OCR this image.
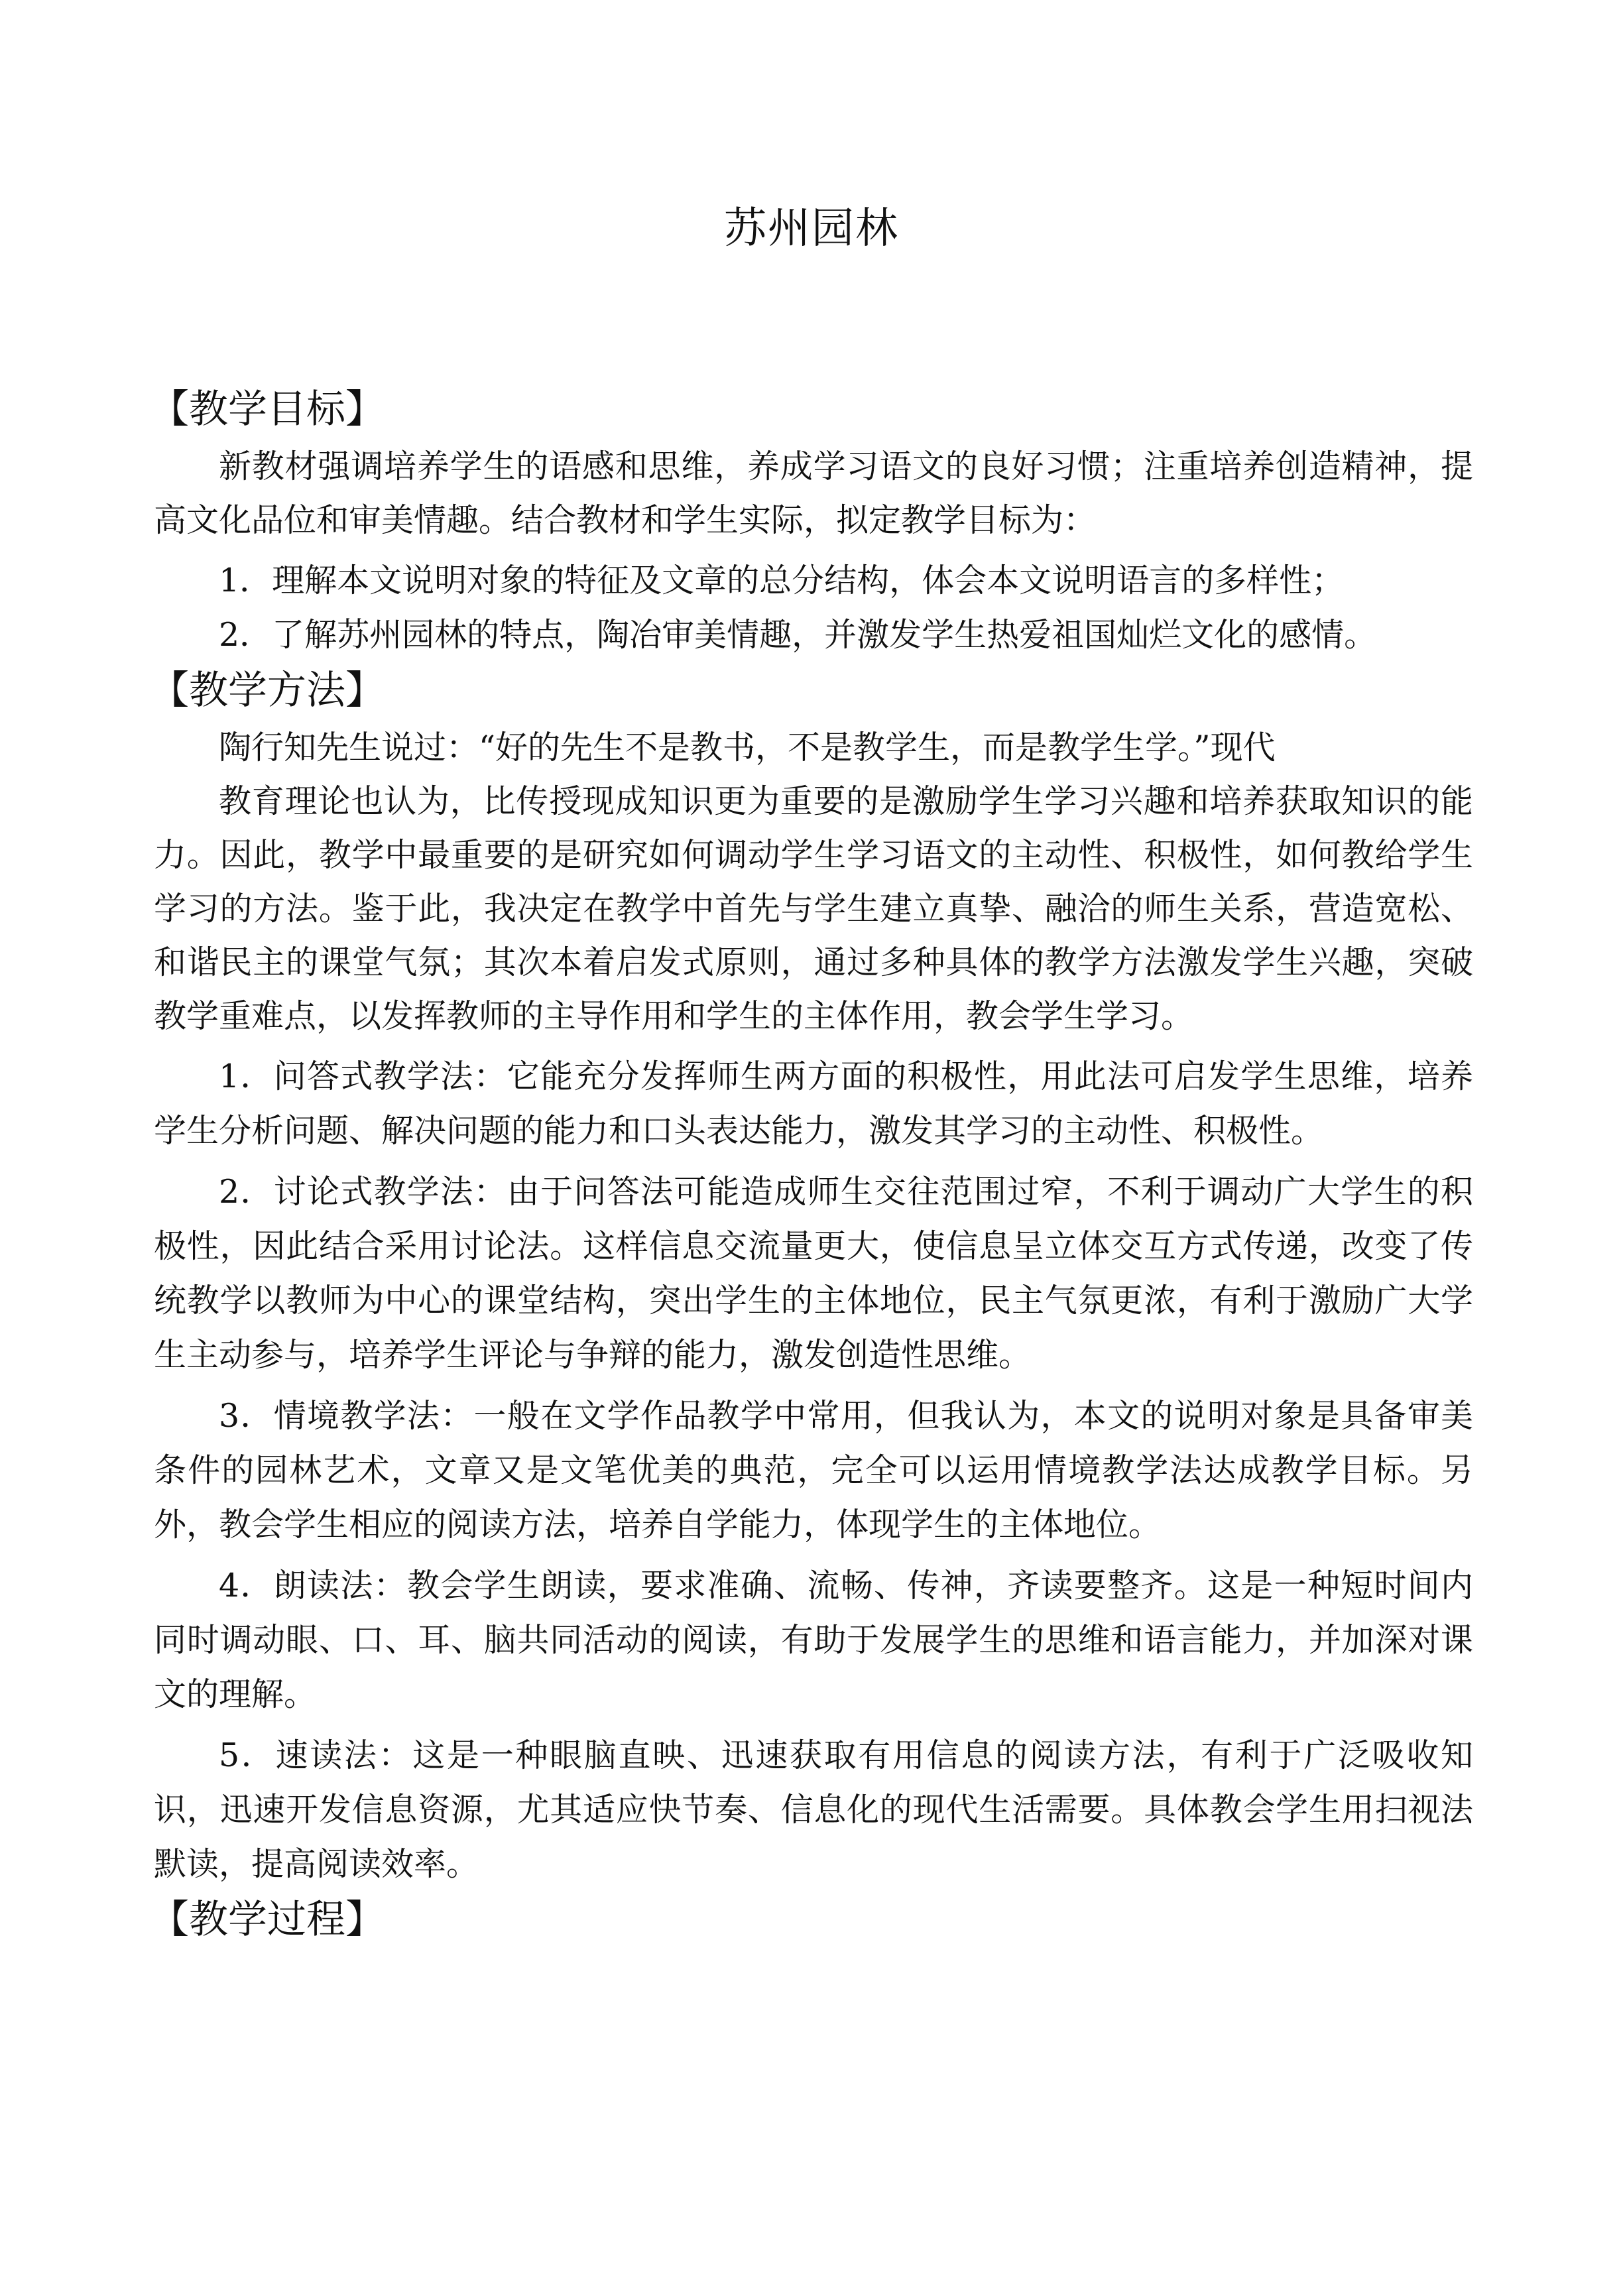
苏州园林
【教学目标】

新教材强调培养学生的语感和思维，养成学习语文的良好习惯；注重培养创造精神，提高文化品位和审美情趣。结合教材和学生实际，拟定教学目标为：

1．理解本文说明对象的特征及文章的总分结构，体会本文说明语言的多样性；

2．了解苏州园林的特点，陶冶审美情趣，并激发学生热爱祖国灿烂文化的感情。

【教学方法】

陶行知先生说过：“好的先生不是教书，不是教学生，而是教学生学。”现代

教育理论也认为，比传授现成知识更为重要的是激励学生学习兴趣和培养获取知识的能力。因此，教学中最重要的是研究如何调动学生学习语文的主动性、积极性，如何教给学生学习的方法。鉴于此，我决定在教学中首先与学生建立真挚、融洽的师生关系，营造宽松、和谐民主的课堂气氛；其次本着启发式原则，通过多种具体的教学方法激发学生兴趣，突破教学重难点，以发挥教师的主导作用和学生的主体作用，教会学生学习。

1．问答式教学法：它能充分发挥师生两方面的积极性，用此法可启发学生思维，培养学生分析问题、解决问题的能力和口头表达能力，激发其学习的主动性、积极性。

2．讨论式教学法：由于问答法可能造成师生交往范围过窄，不利于调动广大学生的积极性，因此结合采用讨论法。这样信息交流量更大，使信息呈立体交互方式传递，改变了传统教学以教师为中心的课堂结构，突出学生的主体地位，民主气氛更浓，有利于激励广大学生主动参与，培养学生评论与争辩的能力，激发创造性思维。

3．情境教学法：一般在文学作品教学中常用，但我认为，本文的说明对象是具备审美条件的园林艺术，文章又是文笔优美的典范，完全可以运用情境教学法达成教学目标。另外，教会学生相应的阅读方法，培养自学能力，体现学生的主体地位。

4．朗读法：教会学生朗读，要求准确、流畅、传神，齐读要整齐。这是一种短时间内同时调动眼、口、耳、脑共同活动的阅读，有助于发展学生的思维和语言能力，并加深对课文的理解。

5．速读法：这是一种眼脑直映、迅速获取有用信息的阅读方法，有利于广泛吸收知识，迅速开发信息资源，尤其适应快节奏、信息化的现代生活需要。具体教会学生用扫视法默读，提高阅读效率。

【教学过程】
